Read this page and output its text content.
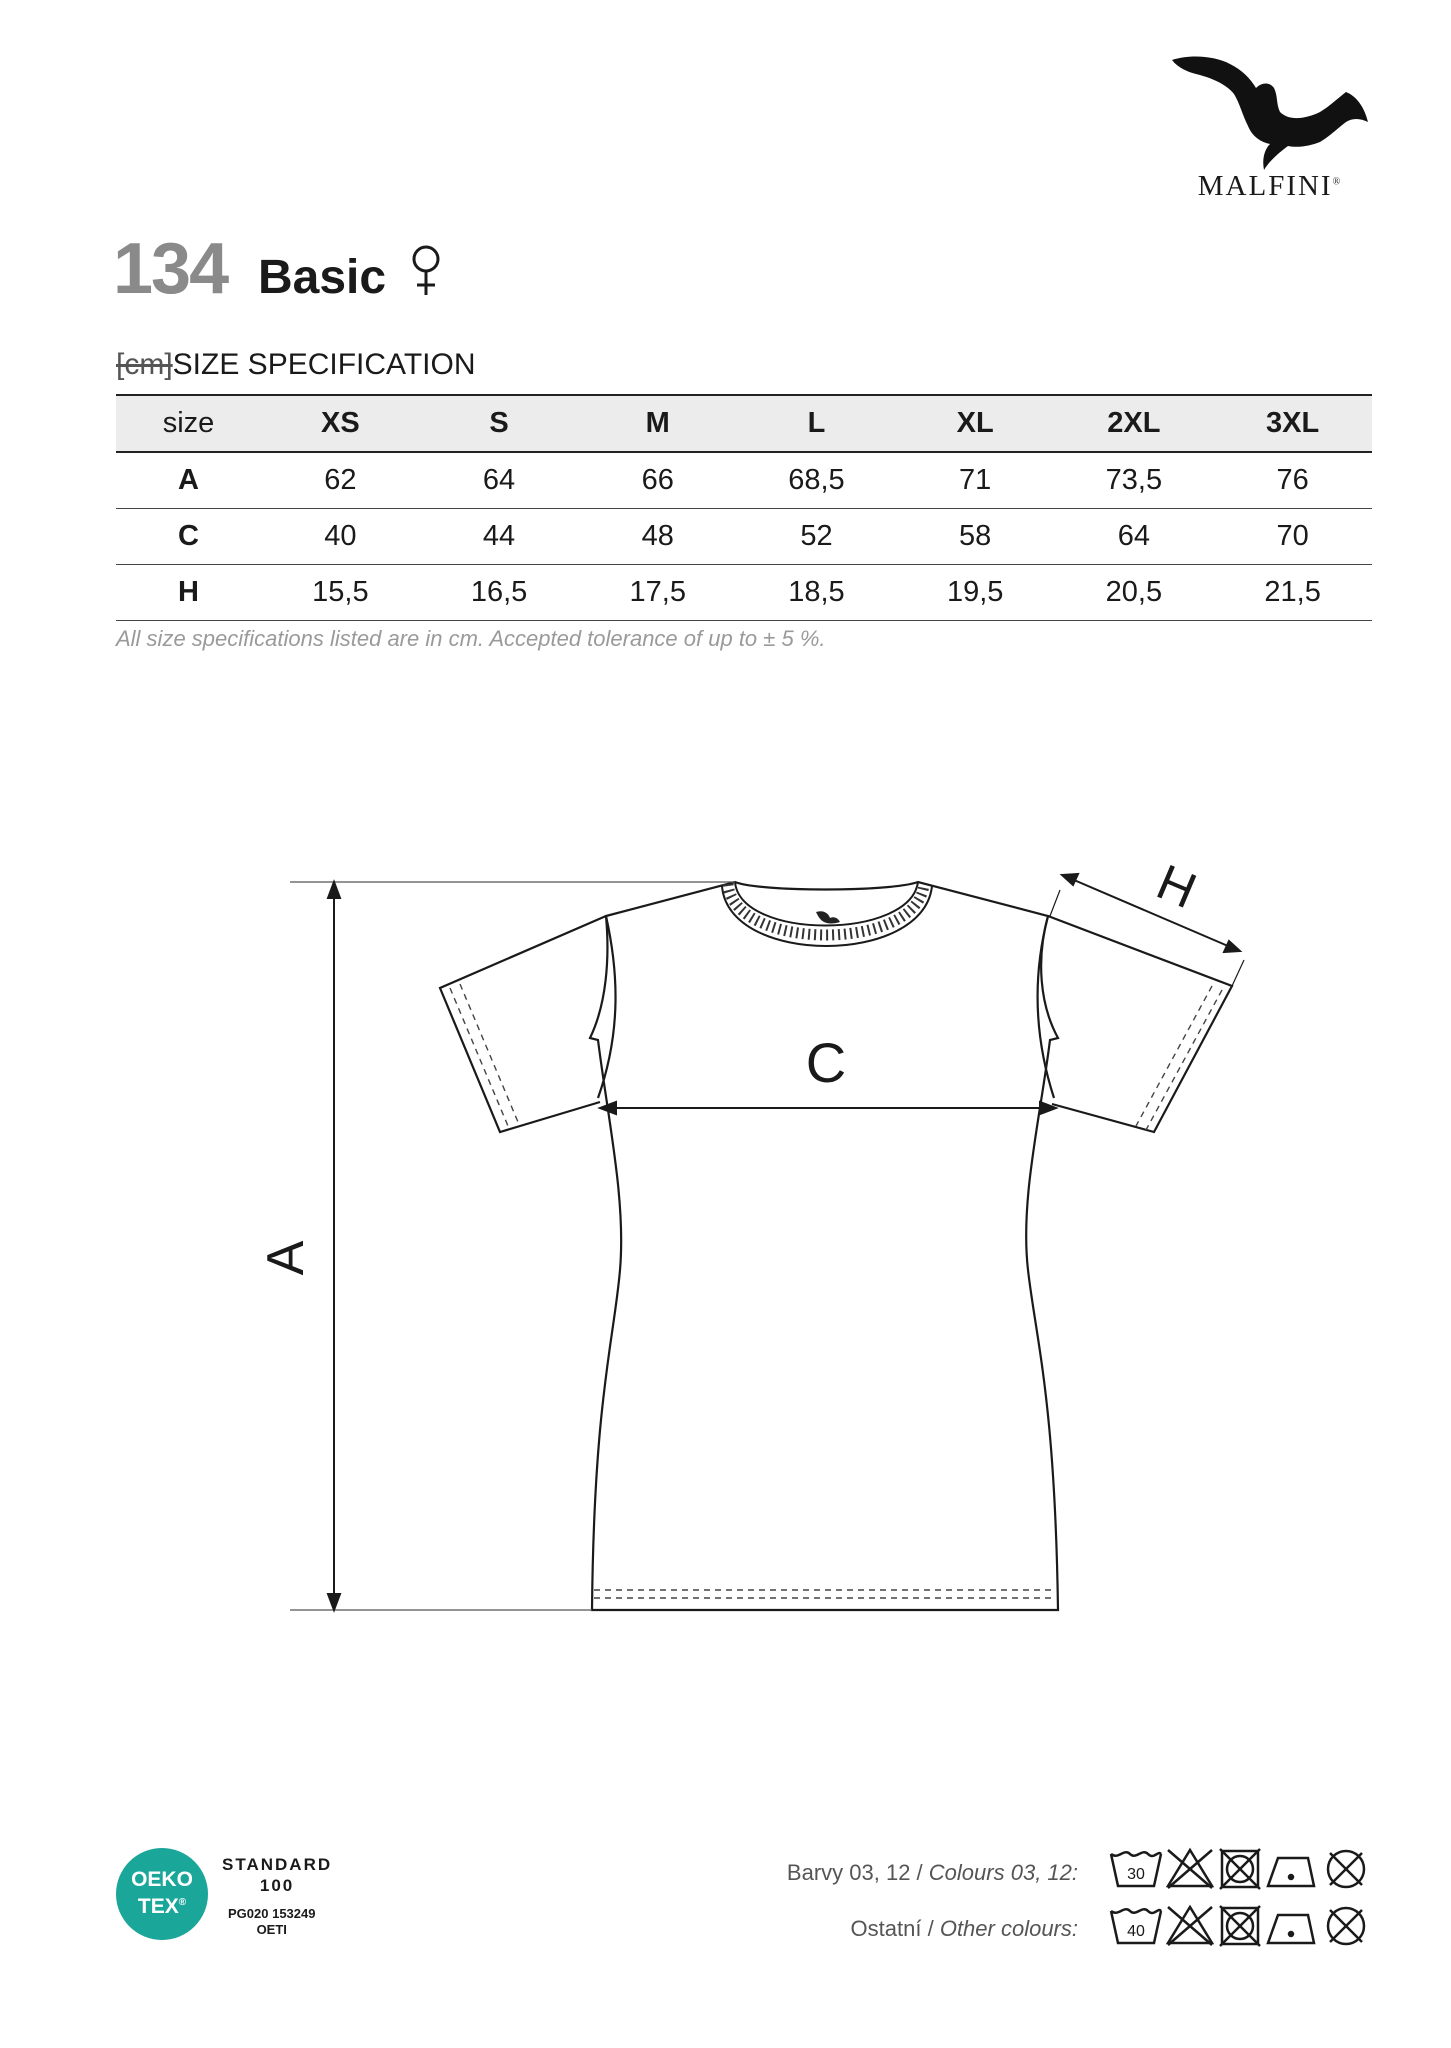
MALFINI®
134 Basic
[cm]SIZE SPECIFICATION
size	XS	S	M	L	XL	2XL	3XL
A	62	64	66	68,5	71	73,5	76
C	40	44	48	52	58	64	70
H	15,5	16,5	17,5	18,5	19,5	20,5	21,5
All size specifications listed are in cm. Accepted tolerance of up to ± 5 %.
A
C
H
OEKO
TEX®
STANDARD
100
PG020 153249
OETI
Barvy 03, 12 / Colours 03, 12:
Ostatní / Other colours:
30
40
